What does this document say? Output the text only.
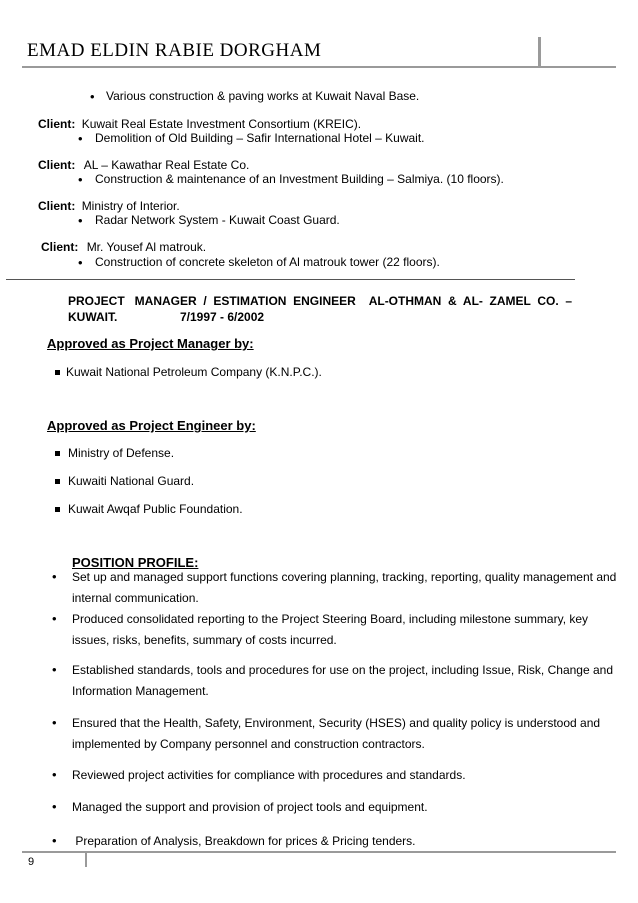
EMAD ELDIN RABIE DORGHAM
•
Various construction & paving works at Kuwait Naval Base.
Client: Kuwait Real Estate Investment Consortium (KREIC).
•
Demolition of Old Building – Safir International Hotel – Kuwait.
Client: AL – Kawathar Real Estate Co.
•
Construction & maintenance of an Investment Building – Salmiya. (10 floors).
Client: Ministry of Interior.
•
Radar Network System - Kuwait Coast Guard.
Client: Mr. Yousef Al matrouk.
•
Construction of concrete skeleton of Al matrouk tower (22 floors).
PROJECT   MANAGER  /  ESTIMATION  ENGINEER    AL-OTHMAN  &  AL-  ZAMEL  CO.  –
KUWAIT.	7/1997 - 6/2002
Approved as Project Manager by:
Kuwait National Petroleum Company (K.N.P.C.).
Approved as Project Engineer by:
Ministry of Defense.
Kuwaiti National Guard.
Kuwait Awqaf Public Foundation.
POSITION PROFILE:
•
Set up and managed support functions covering planning, tracking, reporting, quality management and internal communication.
•
Produced consolidated reporting to the Project Steering Board, including milestone summary, key issues, risks, benefits, summary of costs incurred.
•
Established standards, tools and procedures for use on the project, including Issue, Risk, Change and Information Management.
•
Ensured that the Health, Safety, Environment, Security (HSES) and quality policy is understood and implemented by Company personnel and construction contractors.
•
Reviewed project activities for compliance with procedures and standards.
•
Managed the support and provision of project tools and equipment.
•
Preparation of Analysis, Breakdown for prices & Pricing tenders.
9
